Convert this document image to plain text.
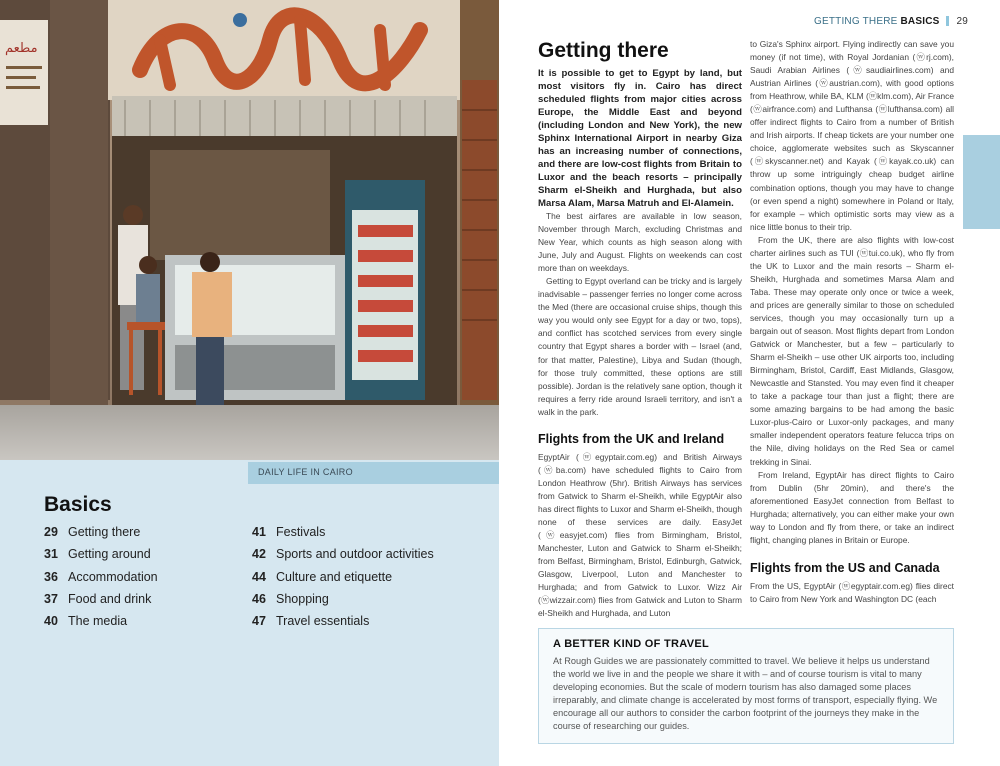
مطعم
DAILY LIFE IN CAIRO
Basics
29 Getting there
31 Getting around
36 Accommodation
37 Food and drink
40 The media
41 Festivals
42 Sports and outdoor activities
44 Culture and etiquette
46 Shopping
47 Travel essentials
GETTING THERE BASICS 29
Getting there

It is possible to get to Egypt by land, but most visitors fly in. Cairo has direct scheduled flights from major cities across Europe, the Middle East and beyond (including London and New York), the new Sphinx International Airport in nearby Giza has an increasing number of connections, and there are low-cost flights from Britain to Luxor and the beach resorts – principally Sharm el-Sheikh and Hurghada, but also Marsa Alam, Marsa Matruh and El-Alamein.

The best airfares are available in low season, November through March, excluding Christmas and New Year, which counts as high season along with June, July and August. Flights on weekends can cost more than on weekdays.

Getting to Egypt overland can be tricky and is largely inadvisable – passenger ferries no longer come across the Med (there are occasional cruise ships, though this way you would only see Egypt for a day or two, tops), and conflict has scotched services from every single country that Egypt shares a border with – Israel (and, for that matter, Palestine), Libya and Sudan (though, for those truly committed, these options are still possible). Jordan is the relatively sane option, though it requires a ferry ride around Israeli territory, and isn't a walk in the park.

Flights from the UK and Ireland

EgyptAir (ⓦegyptair.com.eg) and British Airways (ⓦba.com) have scheduled flights to Cairo from London Heathrow (5hr). British Airways has services from Gatwick to Sharm el-Sheikh, while EgyptAir also has direct flights to Luxor and Sharm el-Sheikh, though none of these services are daily. EasyJet (ⓦeasyjet.com) flies from Birmingham, Bristol, Manchester, Luton and Gatwick to Sharm el-Sheikh; from Belfast, Birmingham, Bristol, Edinburgh, Gatwick, Glasgow, Liverpool, Luton and Manchester to Hurghada; and from Gatwick to Luxor. Wizz Air (ⓦwizzair.com) flies from Gatwick and Luton to Sharm el-Sheikh and Hurghada, and Luton

to Giza's Sphinx airport. Flying indirectly can save you money (if not time), with Royal Jordanian (ⓦrj.com), Saudi Arabian Airlines (ⓦsaudiairlines.com) and Austrian Airlines (ⓦaustrian.com), with good options from Heathrow, while BA, KLM (ⓦklm.com), Air France (ⓦairfrance.com) and Lufthansa (ⓦlufthansa.com) all offer indirect flights to Cairo from a number of British and Irish airports. If cheap tickets are your number one choice, agglomerate websites such as Skyscanner (ⓦskyscanner.net) and Kayak (ⓦkayak.co.uk) can throw up some intriguingly cheap budget airline combination options, though you may have to change (or even spend a night) somewhere in Poland or Italy, for example – which optimistic sorts may view as a nice little bonus to their trip.

From the UK, there are also flights with low-cost charter airlines such as TUI (ⓦtui.co.uk), who fly from the UK to Luxor and the main resorts – Sharm el-Sheikh, Hurghada and sometimes Marsa Alam and Taba. These may operate only once or twice a week, and prices are generally similar to those on scheduled services, though you may occasionally turn up a bargain out of season. Most flights depart from London Gatwick or Manchester, but a few – particularly to Sharm el-Sheikh – use other UK airports too, including Birmingham, Bristol, Cardiff, East Midlands, Glasgow, Newcastle and Stansted. You may even find it cheaper to take a package tour than just a flight; there are some amazing bargains to be had among the basic Luxor-plus-Cairo or Luxor-only packages, and many smaller independent operators feature felucca trips on the Nile, diving holidays on the Red Sea or camel trekking in Sinai.

From Ireland, EgyptAir has direct flights to Cairo from Dublin (5hr 20min), and there's the aforementioned EasyJet connection from Belfast to Hurghada; alternatively, you can either make your own way to London and fly from there, or take an indirect flight, changing planes in Britain or Europe.

Flights from the US and Canada

From the US, EgyptAir (ⓦegyptair.com.eg) flies direct to Cairo from New York and Washington DC (each

A BETTER KIND OF TRAVEL
At Rough Guides we are passionately committed to travel. We believe it helps us understand the world we live in and the people we share it with – and of course tourism is vital to many developing economies. But the scale of modern tourism has also damaged some places irreparably, and climate change is accelerated by most forms of transport, especially flying. We encourage all our authors to consider the carbon footprint of the journeys they make in the course of researching our guides.
